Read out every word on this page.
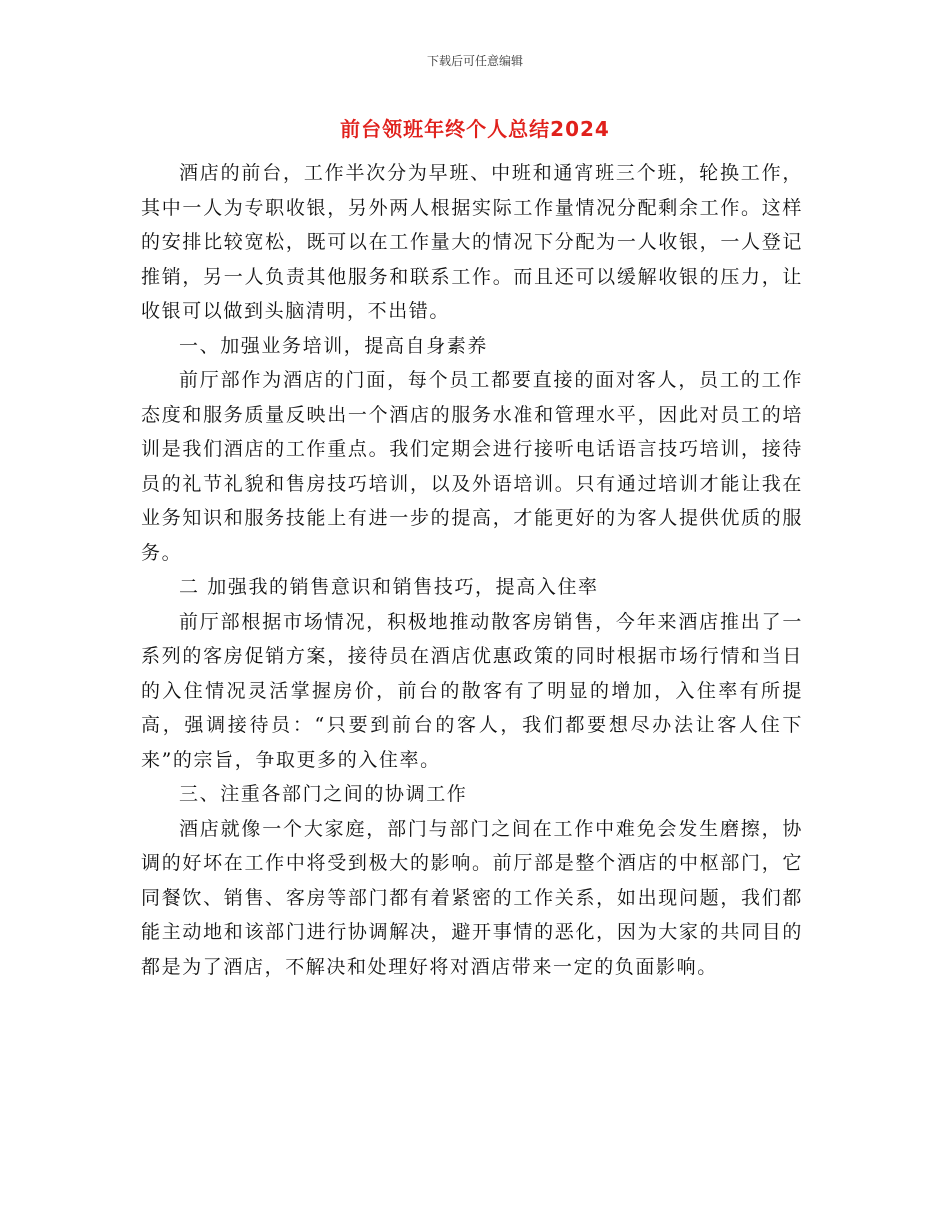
下载后可任意编辑
前台领班年终个人总结2024

酒店的前台，工作半次分为早班、中班和通宵班三个班，轮换工作，其中一人为专职收银，另外两人根据实际工作量情况分配剩余工作。这样的安排比较宽松，既可以在工作量大的情况下分配为一人收银，一人登记推销，另一人负责其他服务和联系工作。而且还可以缓解收银的压力，让收银可以做到头脑清明，不出错。

一、加强业务培训，提高自身素养

前厅部作为酒店的门面，每个员工都要直接的面对客人，员工的工作态度和服务质量反映出一个酒店的服务水准和管理水平，因此对员工的培训是我们酒店的工作重点。我们定期会进行接听电话语言技巧培训，接待员的礼节礼貌和售房技巧培训，以及外语培训。只有通过培训才能让我在业务知识和服务技能上有进一步的提高，才能更好的为客人提供优质的服务。

二 加强我的销售意识和销售技巧，提高入住率

前厅部根据市场情况，积极地推动散客房销售，今年来酒店推出了一系列的客房促销方案，接待员在酒店优惠政策的同时根据市场行情和当日的入住情况灵活掌握房价，前台的散客有了明显的增加，入住率有所提高，强调接待员：“只要到前台的客人，我们都要想尽办法让客人住下来”的宗旨，争取更多的入住率。

三、注重各部门之间的协调工作

酒店就像一个大家庭，部门与部门之间在工作中难免会发生磨擦，协调的好坏在工作中将受到极大的影响。前厅部是整个酒店的中枢部门，它同餐饮、销售、客房等部门都有着紧密的工作关系，如出现问题，我们都能主动地和该部门进行协调解决，避开事情的恶化，因为大家的共同目的都是为了酒店，不解决和处理好将对酒店带来一定的负面影响。
